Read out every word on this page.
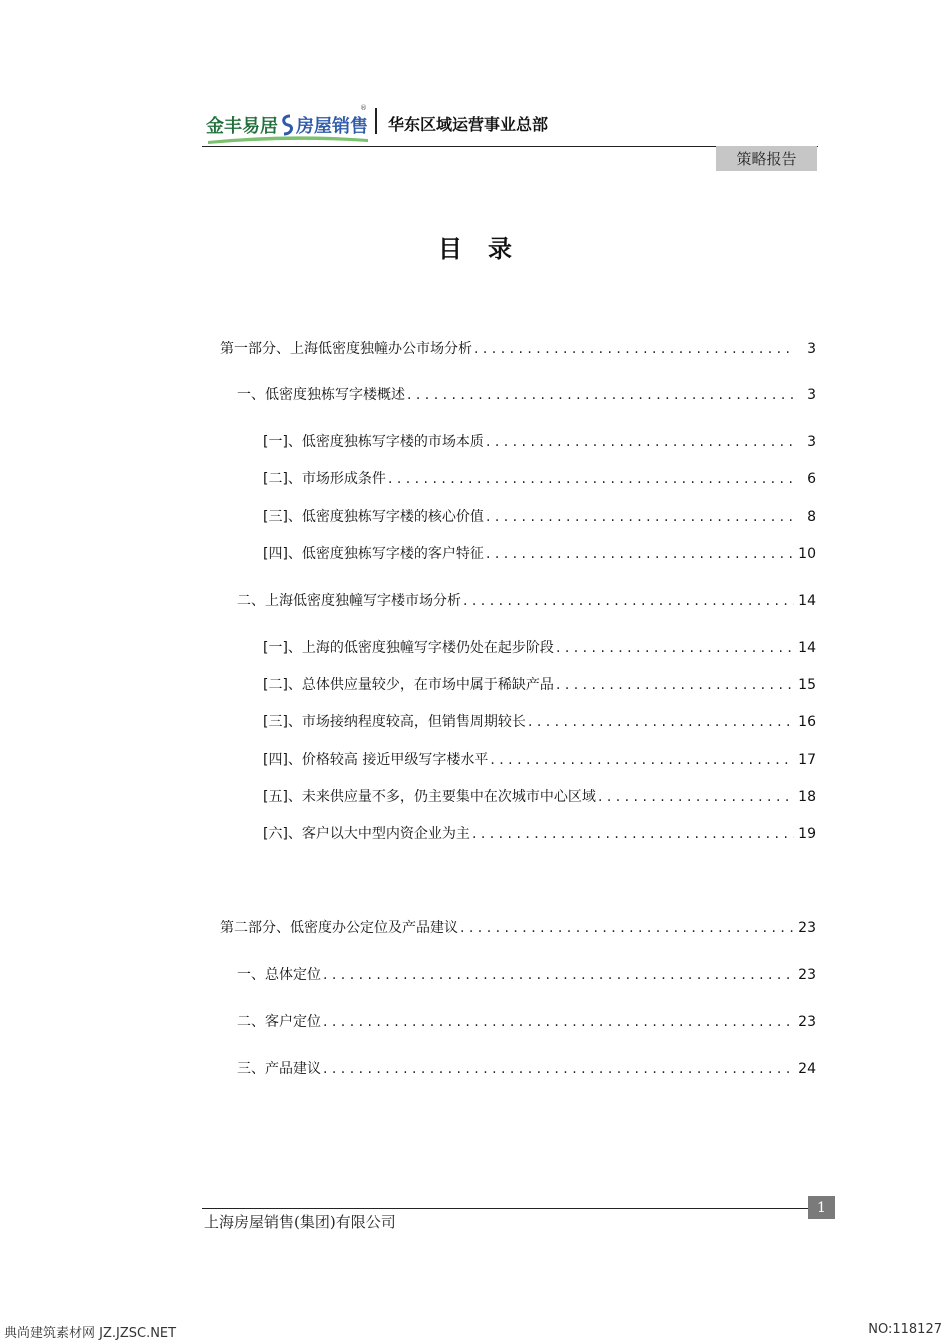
金丰易居 房屋销售
®
华东区域运营事业总部
策略报告
目录
第一部分、上海低密度独幢办公市场分析 . . .	3
一、低密度独栋写字楼概述 . . .	3
[一]、低密度独栋写字楼的市场本质 . . .	3
[二]、市场形成条件 . . .	6
[三]、低密度独栋写字楼的核心价值 . . .	8
[四]、低密度独栋写字楼的客户特征 . . .	10
二、上海低密度独幢写字楼市场分析 . . .	14
[一]、上海的低密度独幢写字楼仍处在起步阶段 . . .	14
[二]、总体供应量较少，在市场中属于稀缺产品 . . .	15
[三]、市场接纳程度较高，但销售周期较长 . . .	16
[四]、价格较高 接近甲级写字楼水平 . . .	17
[五]、未来供应量不多，仍主要集中在次城市中心区域 . . .	18
[六]、客户以大中型内资企业为主 . . .	19
第二部分、低密度办公定位及产品建议 . . .	23
一、总体定位 . . .	23
二、客户定位 . . .	23
三、产品建议 . . .	24
1
上海房屋销售(集团)有限公司
典尚建筑素材网 JZ.JZSC.NET	NO:118127
